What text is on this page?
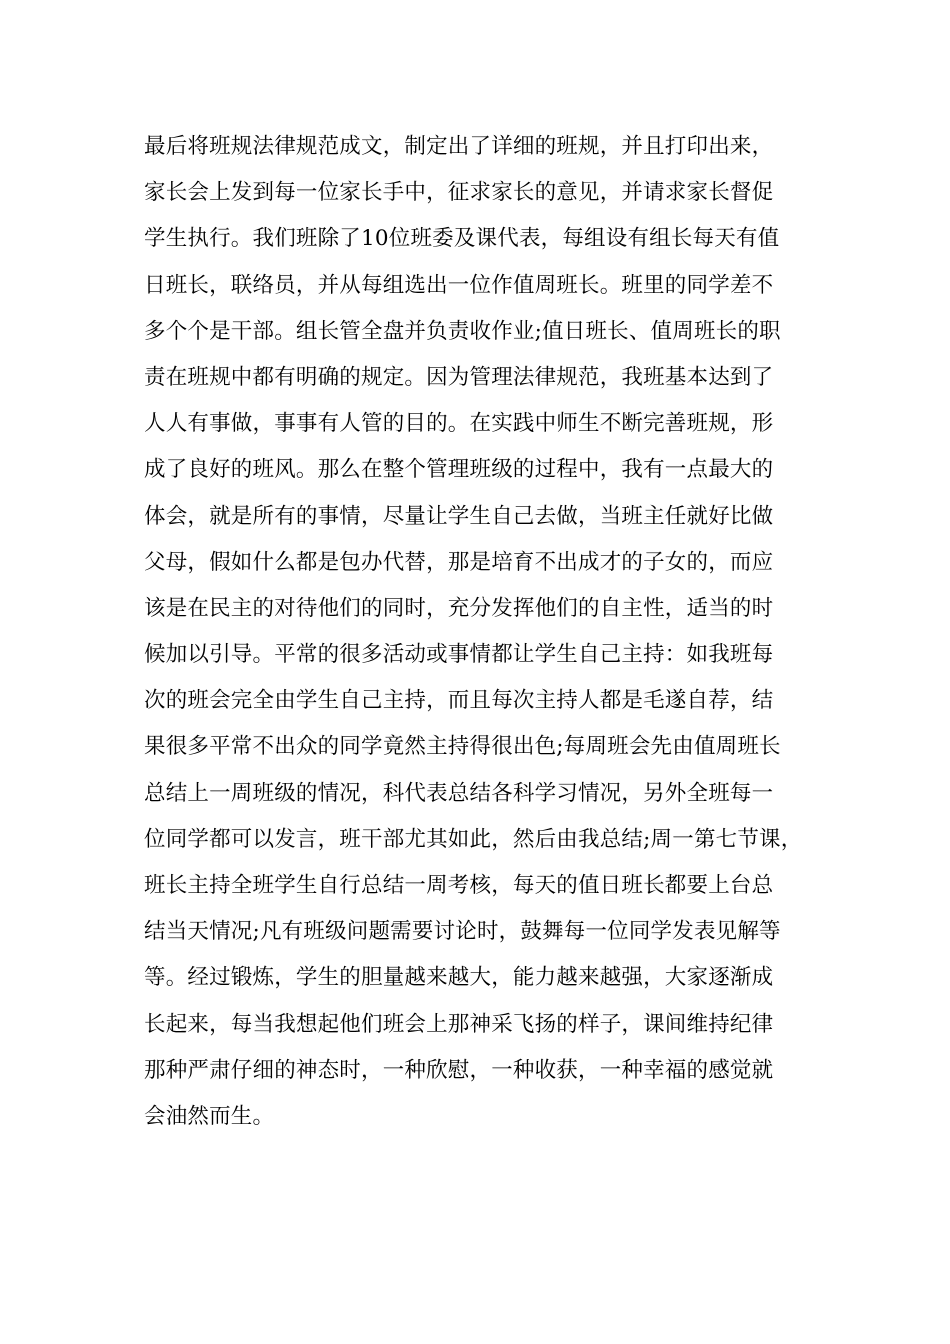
最后将班规法律规范成文，制定出了详细的班规，并且打印出来，
家长会上发到每一位家长手中，征求家长的意见，并请求家长督促
学生执行。我们班除了10位班委及课代表，每组设有组长每天有值
日班长，联络员，并从每组选出一位作值周班长。班里的同学差不
多个个是干部。组长管全盘并负责收作业;值日班长、值周班长的职
责在班规中都有明确的规定。因为管理法律规范，我班基本达到了
人人有事做，事事有人管的目的。在实践中师生不断完善班规，形
成了良好的班风。那么在整个管理班级的过程中，我有一点最大的
体会，就是所有的事情，尽量让学生自己去做，当班主任就好比做
父母，假如什么都是包办代替，那是培育不出成才的子女的，而应
该是在民主的对待他们的同时，充分发挥他们的自主性，适当的时
候加以引导。平常的很多活动或事情都让学生自己主持：如我班每
次的班会完全由学生自己主持，而且每次主持人都是毛遂自荐，结
果很多平常不出众的同学竟然主持得很出色;每周班会先由值周班长
总结上一周班级的情况，科代表总结各科学习情况，另外全班每一
位同学都可以发言，班干部尤其如此，然后由我总结;周一第七节课，
班长主持全班学生自行总结一周考核，每天的值日班长都要上台总
结当天情况;凡有班级问题需要讨论时，鼓舞每一位同学发表见解等
等。经过锻炼，学生的胆量越来越大，能力越来越强，大家逐渐成
长起来，每当我想起他们班会上那神采飞扬的样子，课间维持纪律
那种严肃仔细的神态时，一种欣慰，一种收获，一种幸福的感觉就
会油然而生。
